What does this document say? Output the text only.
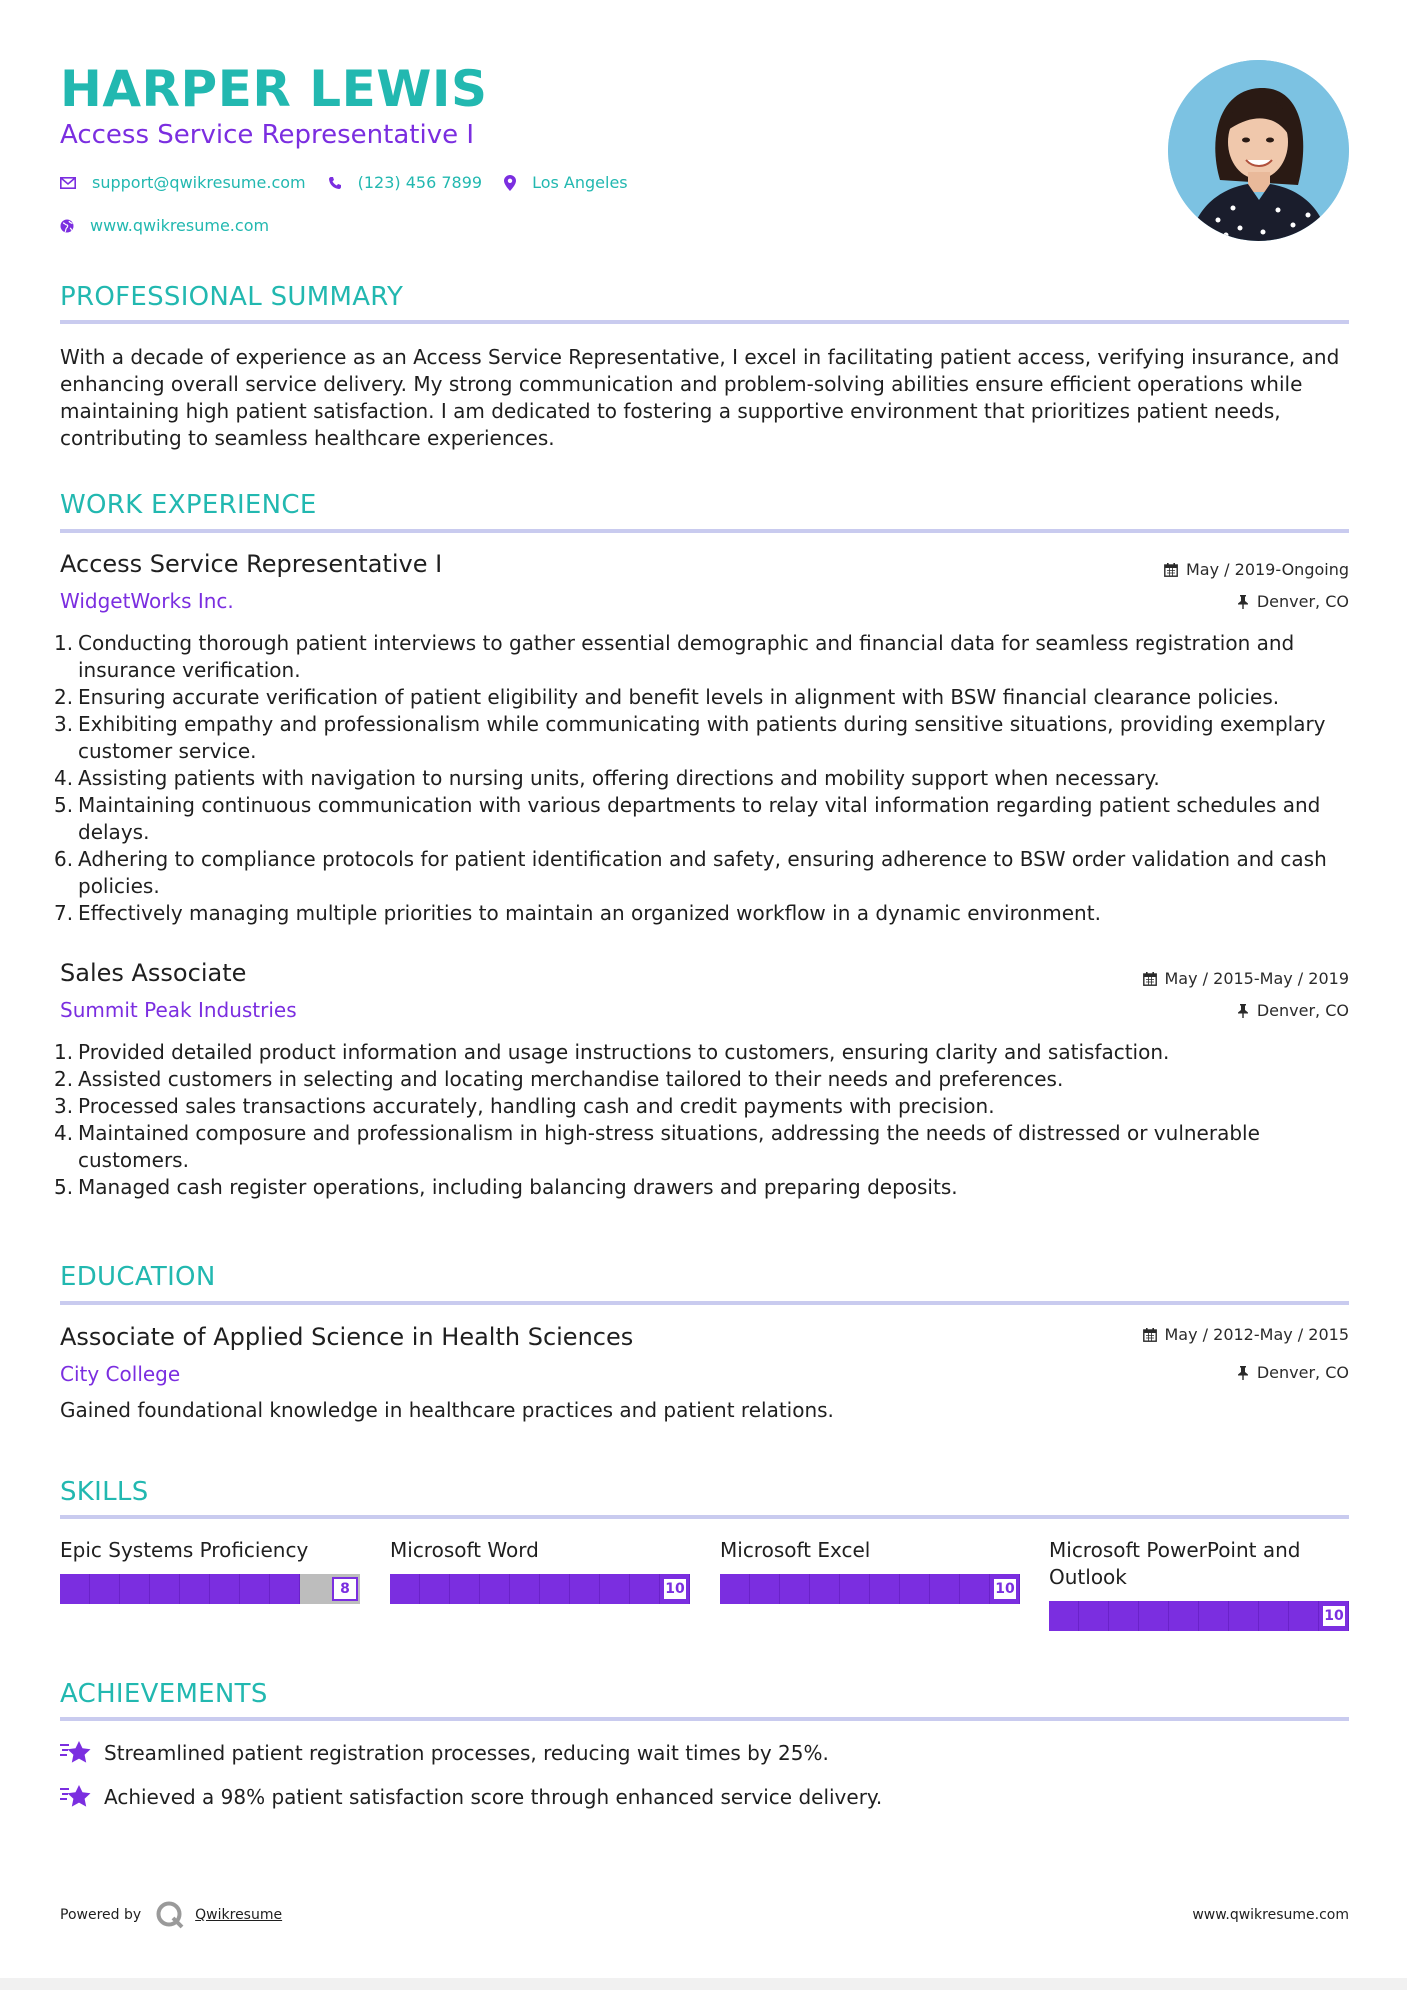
HARPER LEWIS
Access Service Representative I
support@qwikresume.com	(123) 456 7899	Los Angeles
www.qwikresume.com
PROFESSIONAL SUMMARY
With a decade of experience as an Access Service Representative, I excel in facilitating patient access, verifying insurance, and enhancing overall service delivery. My strong communication and problem-solving abilities ensure efficient operations while maintaining high patient satisfaction. I am dedicated to fostering a supportive environment that prioritizes patient needs, contributing to seamless healthcare experiences.
WORK EXPERIENCE
Access Service Representative I	May / 2019-Ongoing
WidgetWorks Inc.	Denver, CO
1. Conducting thorough patient interviews to gather essential demographic and financial data for seamless registration and insurance verification.
2. Ensuring accurate verification of patient eligibility and benefit levels in alignment with BSW financial clearance policies.
3. Exhibiting empathy and professionalism while communicating with patients during sensitive situations, providing exemplary customer service.
4. Assisting patients with navigation to nursing units, offering directions and mobility support when necessary.
5. Maintaining continuous communication with various departments to relay vital information regarding patient schedules and delays.
6. Adhering to compliance protocols for patient identification and safety, ensuring adherence to BSW order validation and cash policies.
7. Effectively managing multiple priorities to maintain an organized workflow in a dynamic environment.
Sales Associate	May / 2015-May / 2019
Summit Peak Industries	Denver, CO
1. Provided detailed product information and usage instructions to customers, ensuring clarity and satisfaction.
2. Assisted customers in selecting and locating merchandise tailored to their needs and preferences.
3. Processed sales transactions accurately, handling cash and credit payments with precision.
4. Maintained composure and professionalism in high-stress situations, addressing the needs of distressed or vulnerable customers.
5. Managed cash register operations, including balancing drawers and preparing deposits.
EDUCATION
Associate of Applied Science in Health Sciences	May / 2012-May / 2015
City College	Denver, CO
Gained foundational knowledge in healthcare practices and patient relations.
SKILLS
Epic Systems Proficiency
8
Microsoft Word
10
Microsoft Excel
10
Microsoft PowerPoint and Outlook
10
ACHIEVEMENTS
Streamlined patient registration processes, reducing wait times by 25%.
Achieved a 98% patient satisfaction score through enhanced service delivery.
Powered by	Qwikresume	www.qwikresume.com
